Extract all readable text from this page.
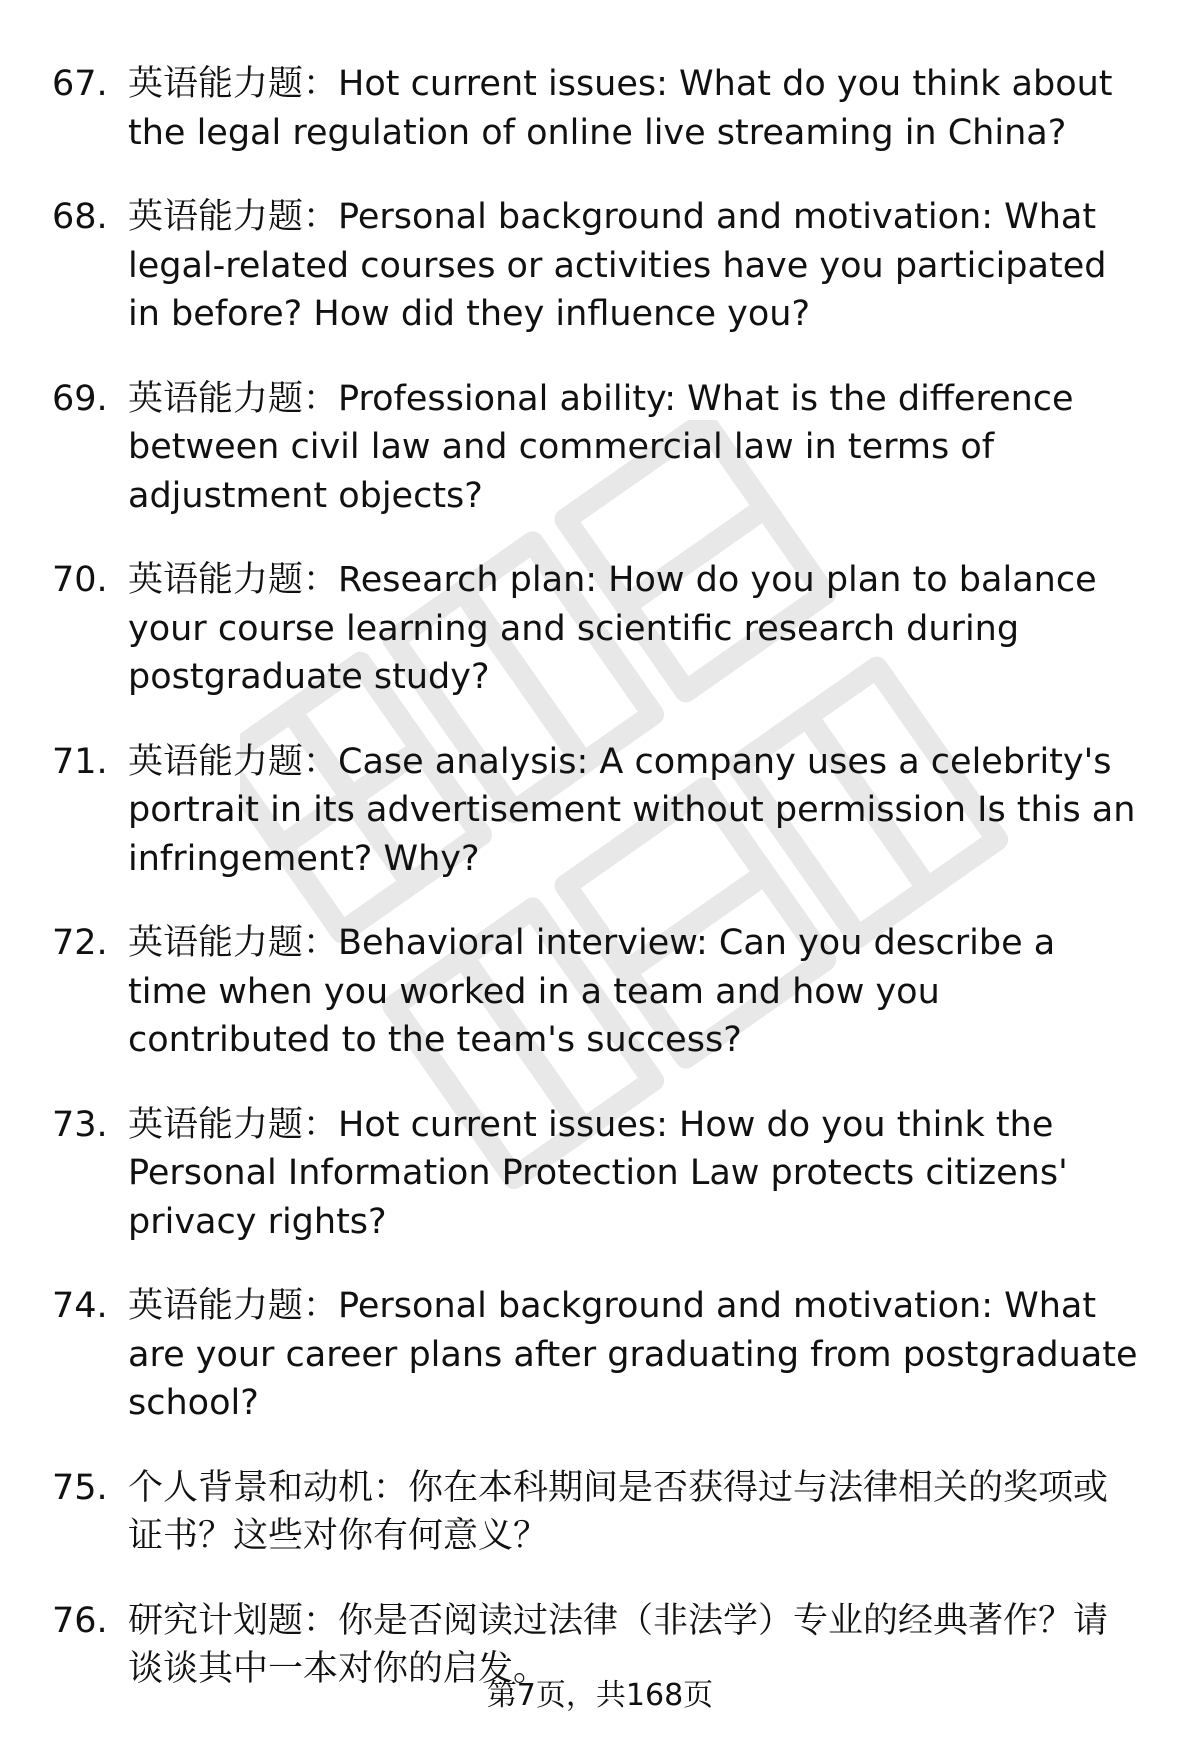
67. 英语能力题：Hot current issues: What do you think about the legal regulation of online live streaming in China?
68. 英语能力题：Personal background and motivation: What legal-related courses or activities have you participated in before? How did they influence you?
69. 英语能力题：Professional ability: What is the difference between civil law and commercial law in terms of adjustment objects?
70. 英语能力题：Research plan: How do you plan to balance your course learning and scientific research during postgraduate study?
71. 英语能力题：Case analysis: A company uses a celebrity's portrait in its advertisement without permission Is this an infringement? Why?
72. 英语能力题：Behavioral interview: Can you describe a time when you worked in a team and how you contributed to the team's success?
73. 英语能力题：Hot current issues: How do you think the Personal Information Protection Law protects citizens' privacy rights?
74. 英语能力题：Personal background and motivation: What are your career plans after graduating from postgraduate school?
75. 个人背景和动机：你在本科期间是否获得过与法律相关的奖项或证书？这些对你有何意义？
76. 研究计划题：你是否阅读过法律（非法学）专业的经典著作？请谈谈其中一本对你的启发。
第7页，共168页
